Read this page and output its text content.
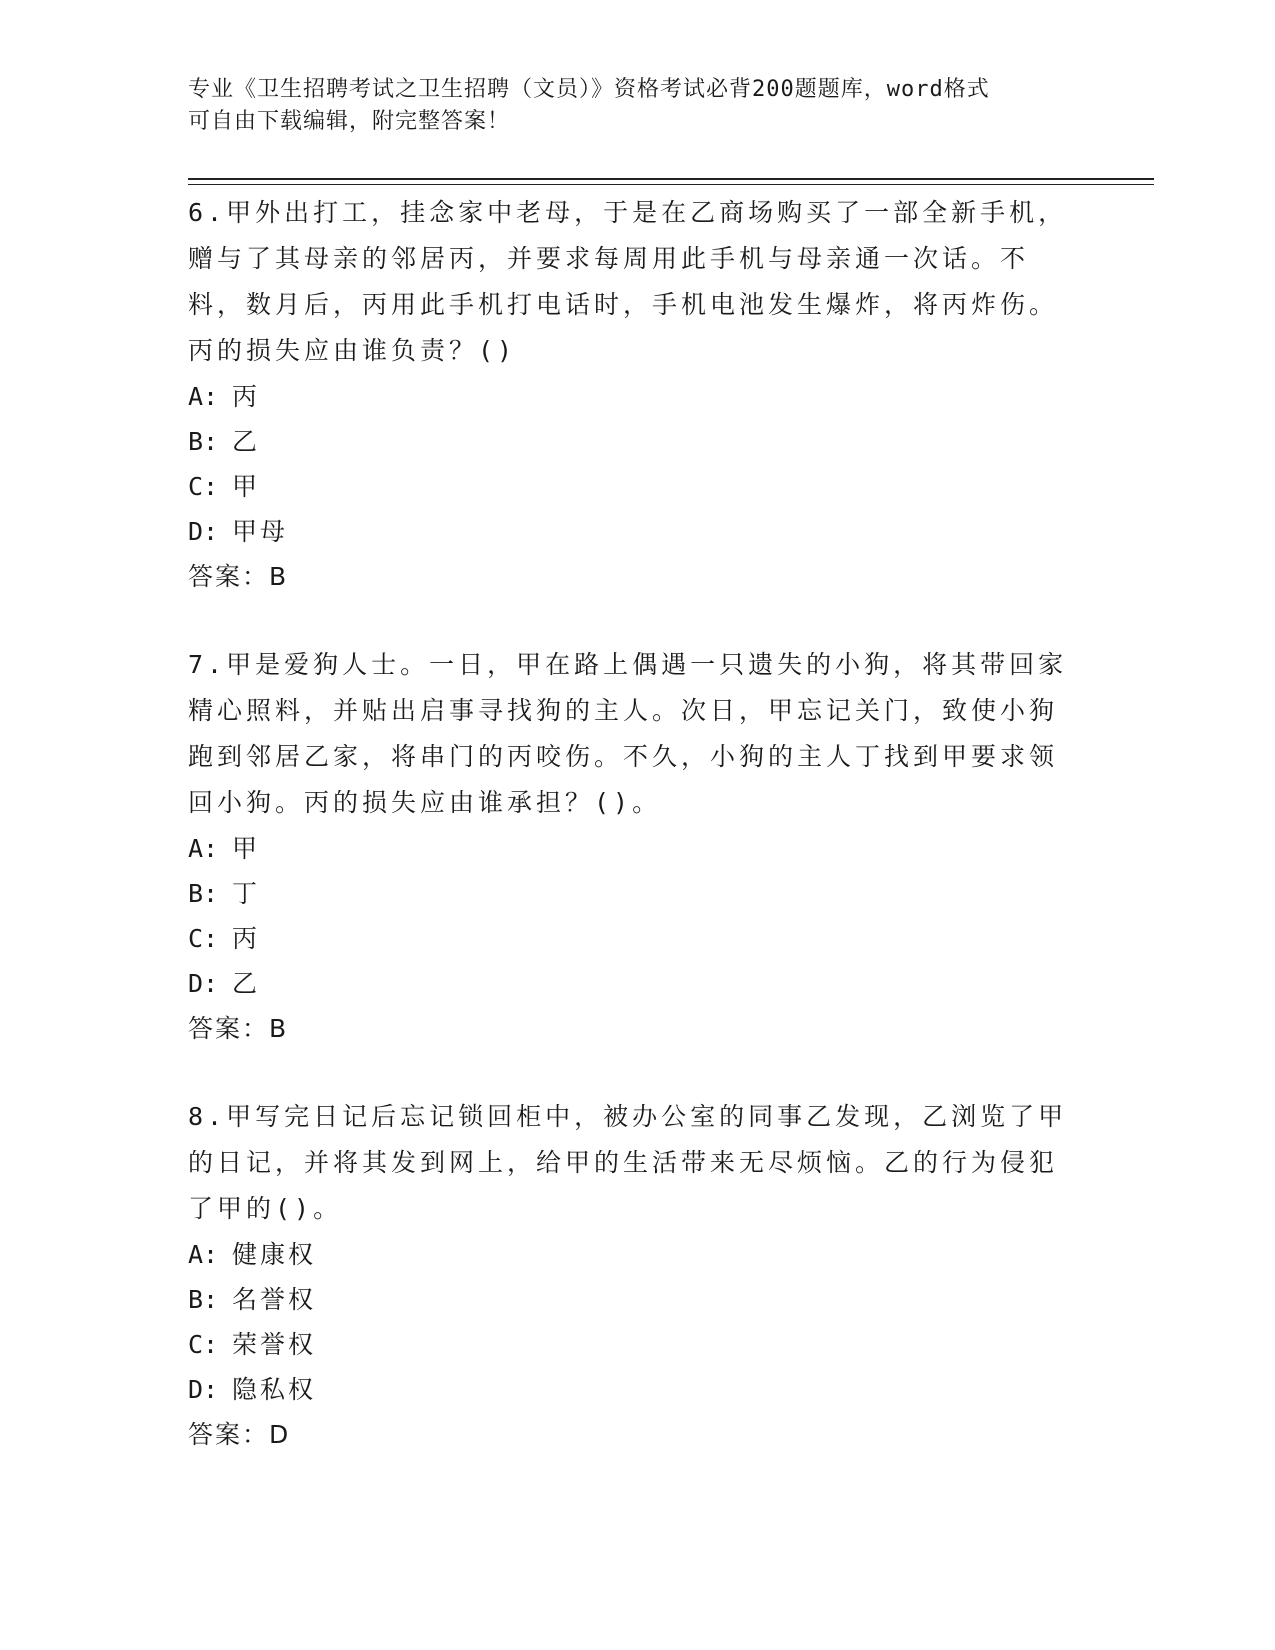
专业《卫生招聘考试之卫生招聘（文员）》资格考试必背200题题库，word格式
可自由下载编辑，附完整答案！

6.甲外出打工，挂念家中老母，于是在乙商场购买了一部全新手机，赠与了其母亲的邻居丙，并要求每周用此手机与母亲通一次话。不料，数月后，丙用此手机打电话时，手机电池发生爆炸，将丙炸伤。丙的损失应由谁负责？()

A: 丙

B: 乙

C: 甲

D: 甲母

答案：B

7.甲是爱狗人士。一日，甲在路上偶遇一只遗失的小狗，将其带回家精心照料，并贴出启事寻找狗的主人。次日，甲忘记关门，致使小狗跑到邻居乙家，将串门的丙咬伤。不久，小狗的主人丁找到甲要求领回小狗。丙的损失应由谁承担？()。

A: 甲

B: 丁

C: 丙

D: 乙

答案：B

8.甲写完日记后忘记锁回柜中，被办公室的同事乙发现，乙浏览了甲的日记，并将其发到网上，给甲的生活带来无尽烦恼。乙的行为侵犯了甲的()。

A: 健康权

B: 名誉权

C: 荣誉权

D: 隐私权

答案：D
